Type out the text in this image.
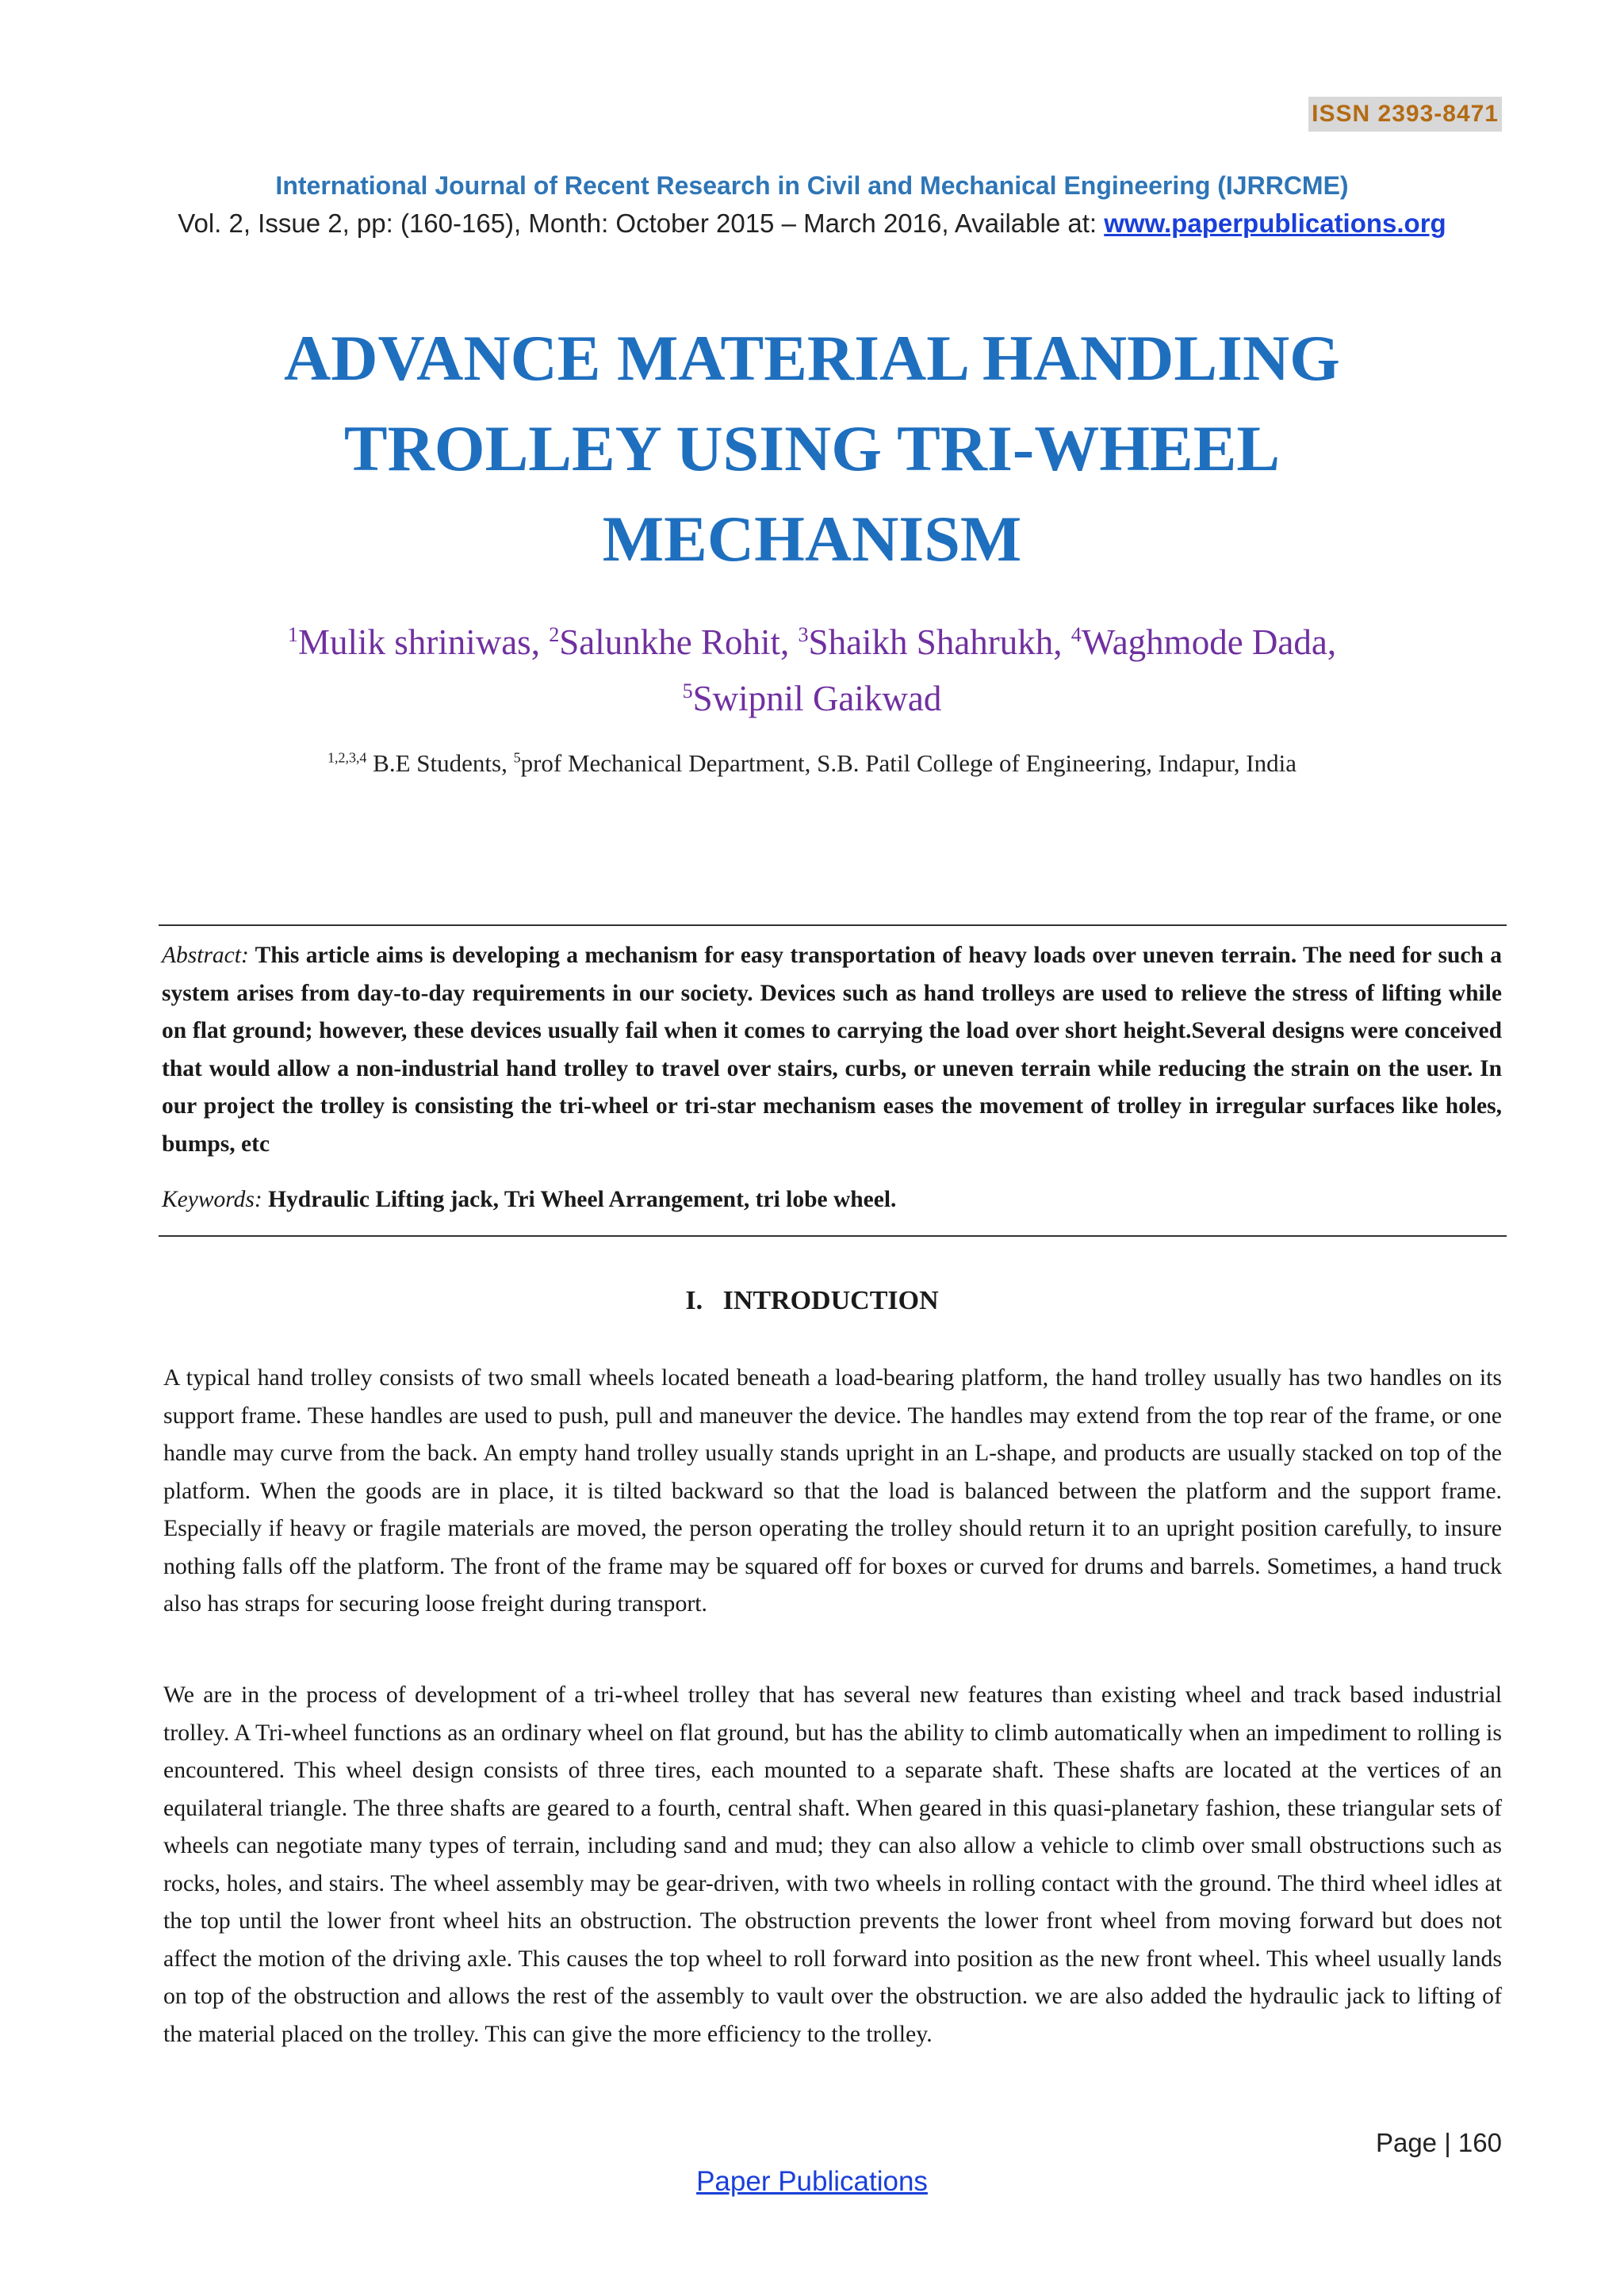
ISSN 2393-8471
International Journal of Recent Research in Civil and Mechanical Engineering (IJRRCME)
Vol. 2, Issue 2, pp: (160-165), Month: October 2015 – March 2016, Available at: www.paperpublications.org
ADVANCE MATERIAL HANDLING
TROLLEY USING TRI-WHEEL
MECHANISM
$^1$Mulik shriniwas, $^2$Salunkhe Rohit, $^3$Shaikh Shahrukh, $^4$Waghmode Dada,
$^5$Swipnil Gaikwad
$^{1,2,3,4}$ B.E Students, $^5$prof Mechanical Department, S.B. Patil College of Engineering, Indapur, India
Abstract: This article aims is developing a mechanism for easy transportation of heavy loads over uneven terrain. The need for such a system arises from day-to-day requirements in our society. Devices such as hand trolleys are used to relieve the stress of lifting while on flat ground; however, these devices usually fail when it comes to carrying the load over short height.Several designs were conceived that would allow a non-industrial hand trolley to travel over stairs, curbs, or uneven terrain while reducing the strain on the user. In our project the trolley is consisting the tri-wheel or tri-star mechanism eases the movement of trolley in irregular surfaces like holes, bumps, etc
Keywords: Hydraulic Lifting jack, Tri Wheel Arrangement, tri lobe wheel.
I. INTRODUCTION

A typical hand trolley consists of two small wheels located beneath a load-bearing platform, the hand trolley usually has two handles on its support frame. These handles are used to push, pull and maneuver the device. The handles may extend from the top rear of the frame, or one handle may curve from the back. An empty hand trolley usually stands upright in an L-shape, and products are usually stacked on top of the platform. When the goods are in place, it is tilted backward so that the load is balanced between the platform and the support frame. Especially if heavy or fragile materials are moved, the person operating the trolley should return it to an upright position carefully, to insure nothing falls off the platform. The front of the frame may be squared off for boxes or curved for drums and barrels. Sometimes, a hand truck also has straps for securing loose freight during transport.

We are in the process of development of a tri-wheel trolley that has several new features than existing wheel and track based industrial trolley. A Tri-wheel functions as an ordinary wheel on flat ground, but has the ability to climb automatically when an impediment to rolling is encountered. This wheel design consists of three tires, each mounted to a separate shaft. These shafts are located at the vertices of an equilateral triangle. The three shafts are geared to a fourth, central shaft. When geared in this quasi-planetary fashion, these triangular sets of wheels can negotiate many types of terrain, including sand and mud; they can also allow a vehicle to climb over small obstructions such as rocks, holes, and stairs. The wheel assembly may be gear-driven, with two wheels in rolling contact with the ground. The third wheel idles at the top until the lower front wheel hits an obstruction. The obstruction prevents the lower front wheel from moving forward but does not affect the motion of the driving axle. This causes the top wheel to roll forward into position as the new front wheel. This wheel usually lands on top of the obstruction and allows the rest of the assembly to vault over the obstruction. we are also added the hydraulic jack to lifting of the material placed on the trolley. This can give the more efficiency to the trolley.

Page | 160
Paper Publications
